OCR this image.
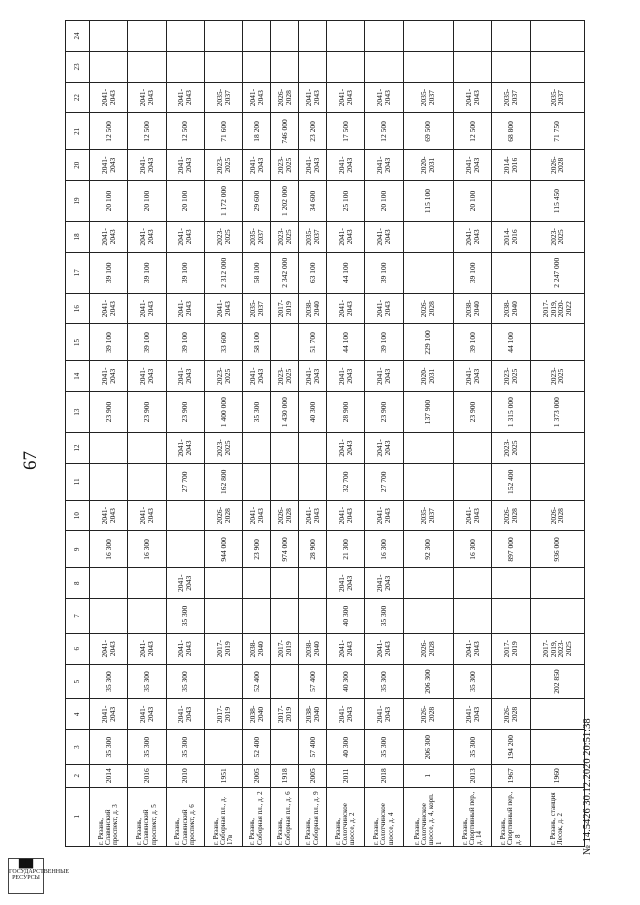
67
1	2	3	4	5	6	7	8	9	10	11	12	13	14	15	16	17	18	19	20	21	22	23	24
г. Рязань, Славянский проспект, д. 3	2014	35 300	2041-2043	35 300	2041-2043			16 300	2041-2043			23 900	2041-2043	39 100	2041-2043	39 100	2041-2043	20 100	2041-2043	12 500	2041-2043		
г. Рязань, Славянский проспект, д. 5	2016	35 300	2041-2043	35 300	2041-2043			16 300	2041-2043			23 900	2041-2043	39 100	2041-2043	39 100	2041-2043	20 100	2041-2043	12 500	2041-2043		
г. Рязань, Славянский проспект, д. 6	2010	35 300	2041-2043	35 300	2041-2043	35 300	2041-2043			27 700	2041-2043	23 900	2041-2043	39 100	2041-2043	39 100	2041-2043	20 100	2041-2043	12 500	2041-2043		
г. Рязань, Соборная пл., д. 17в	1951		2017-2019		2017-2019			944 000	2026-2028	162 800	2023-2025	1 400 000	2023-2025	33 600	2041-2043	2 312 000	2023-2025	1 172 000	2023-2025	71 600	2035-2037		
г. Рязань, Соборная пл., д. 2	2005	52 400	2038-2040	52 400	2038-2040			23 900	2041-2043			35 300	2041-2043	58 100	2035-2037	58 100	2035-2037	29 600	2041-2043	18 200	2041-2043		
г. Рязань, Соборная пл., д. 6	1918		2017-2019		2017-2019			974 000	2026-2028			1 430 000	2023-2025		2017-2019	2 342 000	2023-2025	1 202 000	2023-2025	746 000	2026-2028		
г. Рязань, Соборная пл., д. 9	2005	57 400	2038-2040	57 400	2038-2040			28 900	2041-2043			40 300	2041-2043	51 700	2038-2040	63 100	2035-2037	34 600	2041-2043	23 200	2041-2043		
г. Рязань, Солотчинское шоссе, д. 2	2011	40 300	2041-2043	40 300	2041-2043	40 300	2041-2043	21 300	2041-2043	32 700	2041-2043	28 900	2041-2043	44 100	2041-2043	44 100	2041-2043	25 100	2041-2043	17 500	2041-2043		
г. Рязань, Солотчинское шоссе, д. 4	2018	35 300	2041-2043	35 300	2041-2043	35 300	2041-2043	16 300	2041-2043	27 700	2041-2043	23 900	2041-2043	39 100	2041-2043	39 100	2041-2043	20 100	2041-2043	12 500	2041-2043		
г. Рязань, Солотчинское шоссе, д. 4, корп. 1	1	206 300	2026-2028	206 300	2026-2028			92 300	2035-2037			137 900	2020-2031	229 100	2026-2028			115 100	2020-2031	69 500	2035-2037		
г. Рязань, Спортивный пер., д. 14	2013	35 300	2041-2043	35 300	2041-2043			16 300	2041-2043			23 900	2041-2043	39 100	2038-2040	39 100	2041-2043	20 100	2041-2043	12 500	2041-2043		
г. Рязань, Спортивный пер., д. 8	1967	194 200	2026-2028		2017-2019			897 000	2026-2028	152 400	2023-2025	1 315 000	2023-2025	44 100	2038-2040		2014-2016		2014-2016	68 800	2035-2037		
г. Рязань, станция Лесок, д. 2	1960			202 850	2017-2019, 2023-2025			936 000	2026-2028			1 373 000	2023-2025		2017-2019, 2020-2022	2 247 000	2023-2025	115 450	2026-2028	71 750	2035-2037		
№ 14.5426 30.12.2020 20:51:38
▇▇
ГОСУДАРСТВЕННЫЕ РЕСУРСЫ
